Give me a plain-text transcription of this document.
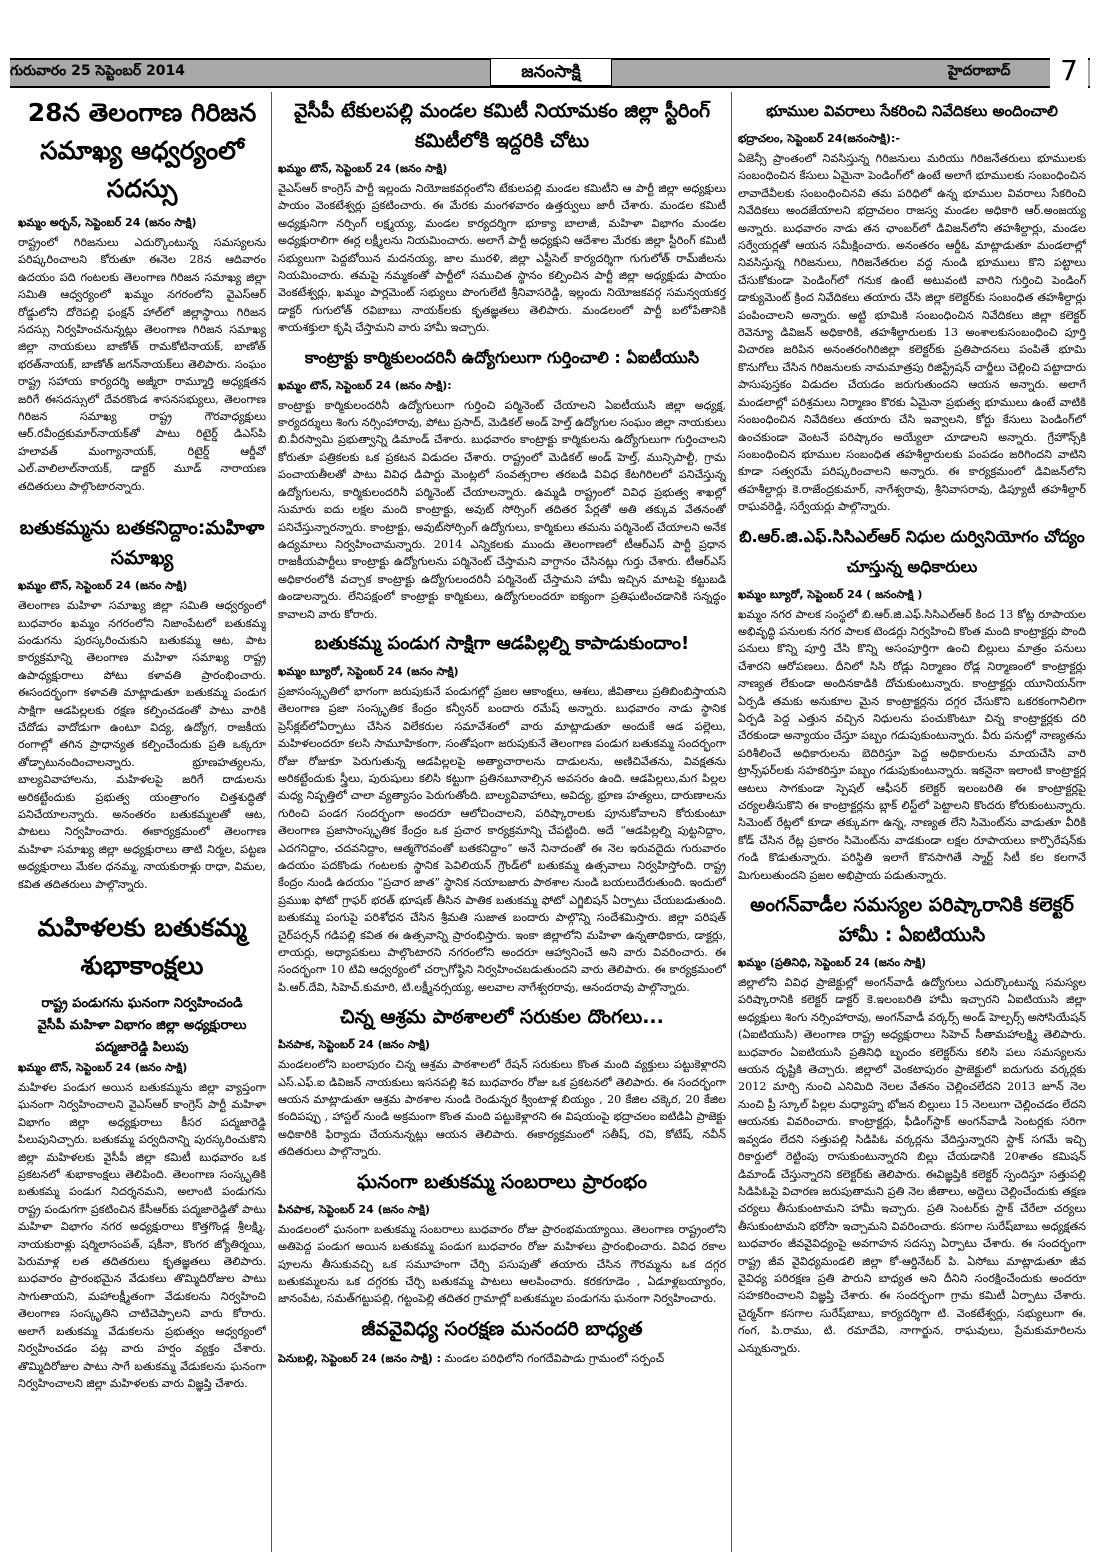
గురువారం 25 సెప్టెంబర్ 2014	జనంసాక్షి	హైదరాబాద్	7
28న తెలంగాణ గిరిజన సమాఖ్య ఆధ్వర్యంలో సదస్సు
ఖమ్మం అర్బన్, సెప్టెంబర్ 24 (జనం సాక్షి)

రాష్ట్రంలో గిరిజనులు ఎదుర్కొంటున్న సమస్యలను పరిష్కరించాలని కోరుతూ ఈనెల 28న ఆదివారం ఉదయం పది గంటలకు తెలంగాణ గిరిజన సమాఖ్య జిల్లా సమితి ఆధ్వర్యంలో ఖమ్మం నగరంలోని వైఎస్ఆర్ రోడ్డులోని దోరెపల్లి ఫంక్షన్ హాల్‌లో జిల్లాస్థాయి గిరిజన సదస్సు నిర్వహించనున్నట్లు తెలంగాణ గిరిజన సమాఖ్య జిల్లా నాయకులు బాణోత్ రామకోటినాయక్, బాణోత్ భరత్‌నాయక్, బాణోత్ జగన్‌నాయక్‌లు తెలిపారు. సంఘం రాష్ట్ర సహాయ కార్యదర్శి అజ్మీరా రామ్మూర్తి అధ్యక్షతన జరిగే ఈసదస్సులో దేవరకొండ శాసనసభ్యులు, తెలంగాణ గిరిజన సమాఖ్య రాష్ట్ర గౌరవాధ్యక్షులు ఆర్.రవీంద్రకుమార్‌నాయక్‌తో పాటు రిటైర్డ్ డిఎస్‌పి హలావత్ మంగ్యానాయక్, రిటైర్డ్ ఆర్డీవో ఎల్.వాలిలాల్‌నాయక్, డాక్టర్ మూడ్ నారాయణ తదితరులు పాల్గొంటారన్నారు.

బతుకమ్మను బతకనిద్దాం:మహిళా సమాఖ్య
ఖమ్మం టౌన్, సెప్టెంబర్ 24 (జనం సాక్షి)

తెలంగాణ మహిళా సమాఖ్య జిల్లా సమితి ఆధ్వర్యంలో బుధవారం ఖమ్మం నగరంలోని నిజాంపేటలో బతుకమ్మ పండుగను పురస్కరించుకుని బతుకమ్మ ఆట, పాట కార్యక్రమాన్ని తెలంగాణ మహిళా సమాఖ్య రాష్ట్ర ఉపాధ్యక్షురాలు పోటు కళావతి ప్రారంభించారు. ఈసందర్భంగా కళావతి మాట్లాడుతూ బతుకమ్మ పండుగ సాక్షిగా ఆడపిల్లలకు రక్షణ కల్పించడంతో పాటు వారికి చేదోడు వాదోడుగా ఉంటూ విద్య, ఉద్యోగ, రాజకీయ రంగాల్లో తగిన ప్రాధాన్యత కల్పించేందుకు ప్రతి ఒక్కరూ తోడ్పాటునందించాలన్నారు. భ్రూణహత్యలను, బాల్యవివాహాలను, మహిళలపై జరిగే దాడులను అరికట్టేందుకు ప్రభుత్వ యంత్రాంగం చిత్తశుద్ధితో పనిచేయాలన్నారు. అనంతరం బతుకమ్మలతో ఆట, పాటలు నిర్వహించారు. ఈకార్యక్రమంలో తెలంగాణ మహిళా సమాఖ్య జిల్లా అధ్యక్షురాలు తాటి నిర్మల, పట్టణ అధ్యక్షురాలు మేకల ధనమ్మ, నాయకురాళ్లు రాధా, విమల, కవిత తదితరులు పాల్గొన్నారు.

మహిళలకు బతుకమ్మ శుభాకాంక్షలు

రాష్ట్ర పండుగను ఘనంగా నిర్వహించండి

వైసీపీ మహిళా విభాగం జిల్లా అధ్యక్షురాలు

పద్మజారెడ్డి పిలుపు

ఖమ్మం టౌన్, సెప్టెంబర్ 24 (జనం సాక్షి)

మహిళల పండుగ అయిన బతుకమ్మను జిల్లా వ్యాప్తంగా ఘనంగా నిర్వహించాలని వైఎస్ఆర్ కాంగ్రెస్ పార్టీ మహిళా విభాగం జిల్లా అధ్యక్షురాలు కీసర పద్మజారెడ్డి పిలుపునిచ్చారు. బతుకమ్మ పర్వదినాన్ని పురస్కరించుకొని జిల్లా మహిళలకు వైసీపీ జిల్లా కమిటీ బుధవారం ఒక ప్రకటనలో శుభాకాంక్షలు తెలిపింది. తెలంగాణ సంస్కృతికి బతుకమ్మ పండుగ నిదర్శనమని, అలాంటి పండుగను రాష్ట్ర పండుగగా ప్రకటించిన కేసీఆర్‌కు పద్మజారెడ్డితో పాటు మహిళా విభాగం నగర అధ్యక్షురాలు కొత్తగొండ్ల శ్రీలక్ష్మి, నాయకురాళ్లు షర్మిలాసంపత్, షకీనా, కొంగర జ్యోతిర్మయి, పెరుమాళ్ల లత తదితరులు కృతజ్ఞతలు తెలిపారు. బుధవారం ప్రారంభమైన వేడుకలు తొమ్మిదిరోజుల పాటు సాగుతాయని, మహాలక్ష్మీతంగా వేడుకలను నిర్వహించి తెలంగాణ సంస్కృతిని చాటిచెప్పాలని వారు కోరారు. అలాగే బతుకమ్మ వేడుకలను ప్రభుత్వం ఆధ్వర్యంలో నిర్వహించడం పట్ల వారు హర్షం వ్యక్తం చేశారు. తొమ్మిదిరోజుల పాటు సాగే బతుకమ్మ వేడుకలను ఘనంగా నిర్వహించాలని జిల్లా మహిళలకు వారు విజ్ఞప్తి చేశారు.

వైసీపీ టేకులపల్లి మండల కమిటీ నియామకం జిల్లా స్టీరింగ్ కమిటీలోకి ఇద్దరికి చోటు
ఖమ్మం టౌన్, సెప్టెంబర్ 24 (జనం సాక్షి)

వైఎస్ఆర్ కాంగ్రెస్ పార్టీ ఇల్లందు నియోజకవర్గంలోని టేకులపల్లి మండల కమిటీని ఆ పార్టీ జిల్లా అధ్యక్షులు పాయం వెంకటేశ్వర్లు ప్రకటించారు. ఈ మేరకు మంగళవారం ఉత్తర్వులు జారీ చేశారు. మండల కమిటీ అధ్యక్షునిగా నర్సింగ్ లక్ష్మయ్య, మండల కార్యదర్శిగా భూక్యా బాలాజీ, మహిళా విభాగం మండల అధ్యక్షురాలిగా ఈర్ల లక్ష్మీలను నియమించారు. అలాగే పార్టీ అధ్యక్షుని ఆదేశాల మేరకు జిల్లా స్టీరింగ్ కమిటీ సభ్యులుగా పెద్దబోయిన మదనయ్య, జాల మురళి, జిల్లా ఎస్టీసెల్ కార్యదర్శిగా గుగులోత్ రామ్‌జీలను నియమించారు. తమపై నమ్మకంతో పార్టీలో సముచిత స్థానం కల్పించిన పార్టీ జిల్లా అధ్యక్షుడు పాయం వెంకటేశ్వర్లు, ఖమ్మం పార్లమెంట్ సభ్యులు పొంగులేటి శ్రీనివాసరెడ్డి, ఇల్లందు నియోజకవర్గ సమన్వయకర్త డాక్టర్ గుగులోత్ రవిబాబు నాయక్‌లకు కృతజ్ఞతలు తెలిపారు. మండలంలో పార్టీ బలోపేతానికి శాయశక్తులా కృషి చేస్తామని వారు హామీ ఇచ్చారు.

కాంట్రాక్టు కార్మికులందరినీ ఉద్యోగులుగా గుర్తించాలి : ఏఐటీయుసి
ఖమ్మం టౌన్, సెప్టెంబర్ 24 (జనం సాక్షి):

కాంట్రాక్టు కార్మికులందరినీ ఉద్యోగులుగా గుర్తించి పర్మినెంట్ చేయాలని ఏఐటీయుసి జిల్లా అధ్యక్ష, కార్యదర్శులు శింగు నర్సింహారావు, పోటు ప్రసాద్, మెడికల్ అండ్ హెల్త్ ఉద్యోగుల సంఘం జిల్లా నాయకులు బి.వీరస్వామి ప్రభుత్వాన్ని డిమాండ్ చేశారు. బుధవారం కాంట్రాక్టు కార్మికులను ఉద్యోగులుగా గుర్తించాలని కోరుతూ పత్రికలకు ఒక ప్రకటన విడుదల చేశారు. రాష్ట్రంలో మెడికల్ అండ్ హెల్త్, మున్సిపాల్టీ, గ్రామ పంచాయతీలతో పాటు వివిధ డిపార్టు మెంట్లలో సంవత్సరాల తరబడి వివిధ కేటగిరిలలో పనిచేస్తున్న ఉద్యోగులను, కార్మికులందరినీ పర్మినెంట్ చేయాలన్నారు. ఉమ్మడి రాష్ట్రంలో వివిధ ప్రభుత్వ శాఖల్లో సుమారు ఐదు లక్షల మంది కాంట్రాక్టు, అవుట్ సోర్సింగ్ తదితర పేర్లతో అతి తక్కువ వేతనంతో పనిచేస్తున్నారన్నారు. కాంట్రాక్టు, అవుట్‌సోర్సింగ్ ఉద్యోగులు, కార్మికులు తమను పర్మినెంట్ చేయాలని అనేక ఉద్యమాలు నిర్వహించామన్నారు. 2014 ఎన్నికలకు ముందు తెలంగాణలో టీఆర్ఎస్ పార్టీ ప్రధాన రాజకీయపార్టీలు కాంట్రాక్టు ఉద్యోగులను పర్మినెంట్ చేస్తామని వాగ్దానం చేసినట్లు గుర్తు చేశారు. టీఆర్ఎస్ అధికారంలోకి వచ్చాక కాంట్రాక్టు ఉద్యోగులందరినీ పర్మినెంట్ చేస్తామని హామీ ఇచ్చిన మాటపై కట్టుబడి ఉండాలన్నారు. లేనిపక్షంలో కాంట్రాక్టు కార్మికులు, ఉద్యోగులందరూ ఐక్యంగా ప్రతిఘటించడానికి సన్నద్ధం కావాలని వారు కోరారు.

బతుకమ్మ పండుగ సాక్షిగా ఆడపిల్లల్ని కాపాడుకుందాం!
ఖమ్మం బ్యూరో, సెప్టెంబర్ 24 (జనం సాక్షి)

ప్రజాసంస్కృతిలో భాగంగా జరుపుకునే పండుగల్లో ప్రజల ఆకాంక్షలు, ఆశలు, జీవితాలు ప్రతిబింబిస్తాయని తెలంగాణ ప్రజా సంస్కృతిక కేంద్రం కన్వీనర్ బందారు రమేష్ అన్నారు. బుధవారం నాడు స్థానిక ప్రెస్‌క్లబ్‌లోఏర్పాటు చేసిన విలేకరుల సమావేశంలో వారు మాట్లాడుతూ అందుకే ఆడ పల్లెలు, మహిళలందరూ కలసి సామూహికంగా, సంతోషంగా జరుపుకునే తెలంగాణ పండుగ బతుకమ్మ సందర్భంగా రోజు రోజుకూ పెరుగుతున్న ఆడపిల్లలపై అత్యాచారాలను దాడులను, అణిచివేతను, వివక్షతను అరికట్టేందుకు స్త్రీలు, పురుషులు కలిసి కట్టుగా ప్రతినబూనాల్సిన అవసరం ఉంది. ఆడపిల్లలు,మగ పిల్లల మధ్య నిష్పత్తిలో చాలా వ్యత్యాసం పెరుగుతోంది. బాల్యవివాహాలు, అవిద్య, భ్రూణ హత్యలు, దారుణాలను గురించి పండగ సందర్భంగా అందరూ ఆలోచించాలని, పరిష్కారాలకు పూనుకోవాలని కోరుకుంటూ తెలంగాణ ప్రజాసాంస్కృతిక కేంద్రం ఒక ప్రచార కార్యక్రమాన్ని చేపట్టింది. అదే “ఆడపిల్లల్ని పుట్టనిద్దాం, ఎదగనిద్దాం, చదవనిద్దాం, ఆత్మగౌరవంతో బతకనిద్దాం” అనే నినాదంతో ఈ నెల ఇరువదైదు గురువారం ఉదయం పదకొండు గంటలకు స్థానిక పెవిలియన్ గ్రౌండ్‌లో బతుకమ్మ ఉత్సవాలు నిర్వహిస్తోంది. రాష్ట్ర కేంద్రం నుండి ఉదయం “ప్రచార జాత” స్థానిక నయాబజారు పాఠశాల నుండి బయలుదేరుతుంది. ఇందులో ప్రముఖ ఫోటో గ్రాఫర్ భరత్ భూషణ్ తీసిన పాతిక బతుకమ్మ ఫోటో ఎగ్జిబిషన్ ఏర్పాటు చేయబడుతుంది. బతుకమ్మ పంగుపై పరిశోధన చేసిన శ్రీమతి సుజాత బందారు పాల్గొన్ని సందేశమిస్తారు. జిల్లా పరిషత్ చైర్‌పర్సన్ గడిపల్లి కవిత ఈ ఉత్సవాన్ని ప్రారంభిస్తారు. ఇంకా జిల్లాలోని మహిళా ఉన్నతాధికారు, డాక్టర్లు, లాయర్లు, అధ్యాపకులు పాల్గొంటారని నగరంలోని అందరూ ఆహ్వానించే అని వారు వివరించారు. ఈ సందర్భంగా 10 టివి ఆధ్వర్యంలో చర్చాగోష్ఠిని నిర్వహించబడుతుందని వారు తెలిపారు. ఈ కార్యక్రమంలో పి.ఆర్.దేవి, సిహెచ్.కుమారి, టి.లక్ష్మీనర్సయ్య, అలవాల నాగేశ్వరరావు, ఆనందరావు పాల్గొన్నారు.

చిన్న ఆశ్రమ పాఠశాలలో సరుకుల దొంగలు...
పినపాక, సెప్టెంబర్ 24 (జనం సాక్షి)

మండలంలోని బంలాపురం చిన్న ఆశ్రమ పాఠశాలలో రేషన్ సరుకులు కొంత మంది వ్యక్తులు పట్టుకెళ్లారని ఎస్.ఎఫ్.ఐ డివిజన్ నాయకులు ఇసనపల్లి శివ బుధవారం రోజు ఒక ప్రకటనలో తెలిపారు. ఈ సందర్భంగా ఆయన మాట్లాడుతూ ఆశ్రమ పాఠశాల నుండి రెండున్నర క్వింటాళ్ల బియ్యం , 20 కేజిల చక్కెర, 20 కేజిల కందిపప్పు , హాస్టల్ నుండి అక్రమంగా కొంత మంది పట్టుకెళ్లారని ఈ విషయంపై భద్రాచలం ఐటిడిఏ ప్రాజెక్టు అధికారికి ఫిర్యాదు చేయనున్నట్లు ఆయన తెలిపారు. ఈకార్యక్రమంలో సతీష్, రవి, కోటేష్, నవీన్ తదితరులు పాల్గొన్నారు.

ఘనంగా బతుకమ్మ సంబరాలు ప్రారంభం
పినపాక, సెప్టెంబర్ 24 (జనం సాక్షి)

మండలంలో ఘనంగా బతుకమ్మ సంబరాలు బుధవారం రోజు ప్రారంభమయ్యాయి. తెలంగాణ రాష్ట్రంలోని అతిపెద్ద పండుగ అయిన బతుకమ్మ పండుగ బుధవారం రోజు మహిళలు ప్రారంభించారు. వివిధ రకాల పూలను తీసుకువచ్చి ఒక సమూహంగా చేర్చి పసుపుతో తయారు చేసిన గౌరమ్మను ఒక దగ్గర బతుకమ్మలను ఒక దగ్గరకు చేర్చి బతుకమ్మ పాటలు ఆలపించారు. కరకగూడెం , ఏడూళ్లబయ్యారం, జానంపేట, సమత్‌గట్టుపల్లి, గట్టంపెల్లి తదితర గ్రామాల్లో బతుకమ్మల పండుగను ఘనంగా నిర్వహించారు.

జీవవైవిధ్య సంరక్షణ మనందరి బాధ్యత

పెనుబల్లి, సెప్టెంబర్ 24 (జనం సాక్షి) : మండల పరిధిలోని గంగదేవిపాడు గ్రామంలో సర్పంచ్

భూముల వివరాలు సేకరించి నివేదికలు అందించాలి
భద్రాచలం, సెప్టెంబర్ 24(జనంసాక్షి):-

ఏజెన్సీ ప్రాంతంలో నివసిస్తున్న గిరిజనులు మరియు గిరిజనేతరులు భూములకు సంబంధించిన కేసులు ఏమైనా పెండింగ్‌లో ఉంటే అలాగే భూములకు సంబంధించిన లావాదేవీలకు సంబంధించినవి తమ పరిధిలో ఉన్న భూముల వివరాలు సేకరించి నివేదికలు అందజేయాలని భద్రాచలం రాజస్వ మండల అధికారి ఆర్.అంజయ్య అన్నారు. బుధవారం నాడు తన ఛాంబర్‌లో డివిజన్‌లోని తహశీల్దార్లు, మండల సర్వేయర్లతో ఆయన సమీక్షించారు. అనంతరం ఆర్డీఓ మాట్లాడుతూ మండలాల్లో నివసిస్తున్న గిరిజనులు, గిరిజనేతరుల వద్ద నుండి భూములు కొని పట్టాలు చేసుకోకుండా పెండింగ్‌లో గనుక ఉంటే అటువంటి వారిని గుర్తించి పెండింగ్ డాక్యుమెంట్ క్రింద నివేదికలు తయారు చేసి జిల్లా కలెక్టర్‌కు సంబంధిత తహశీల్దార్లు పంపించాలని అన్నారు. అట్టి భూమికి సంబంధించిన నివేదికలు జిల్లా కలెక్టర్ రెవెన్యూ డివిజన్ అధికారికి, తహశీల్దారులకు 13 అంశాలకుసంబంధించి పూర్తి విచారణ జరిపిన అనంతరంగిరిజిల్లా కలెక్టర్‌కు ప్రతిపాదనలు పంపితే భూమి కొనుగోలు చేసిన గిరిజనులకు నామమాత్రపు రిజిస్ట్రేషన్ చార్జీలు చెల్లించి పట్టాదారు పాసుపుస్తకం విడుదల చేయడం జరుగుతుందని ఆయన అన్నారు. అలాగే మండలాల్లో పరిశ్రమలు నిర్మాణం కొరకు ఏమైనా ప్రభుత్వ భూములు ఉంటే వాటికి సంబంధించిన నివేదికలు తయారు చేసి ఇవ్వాలని, కోర్టు కేసులు పెండింగ్‌లో ఉంచకుండా వెంటనే పరిష్కారం అయ్యేలా చూడాలని అన్నారు. గ్రేహౌన్స్‌కి సంబంధించిన భూముల సంబంధిత తహశీల్దారులకు పంపడం జరిగిందని వాటిని కూడా సత్వరమే పరిష్కరించాలని అన్నారు. ఈ కార్యక్రమంలో డివిజన్‌లోని తహశీల్దార్లు కె.రాజేంద్రకుమార్, నాగేశ్వరావు, శ్రీనివాసరావు, డిప్యూటీ తహశీల్దార్ రాఘవరెడ్డి, సర్వేయర్లు పాల్గొన్నారు.

బి.ఆర్.జి.ఎఫ్.సిసిఎల్ఆర్ నిధుల దుర్వినియోగం చోద్యం చూస్తున్న అధికారులు
ఖమ్మం బ్యూరో, సెప్టెంబర్ 24 ( జనంసాక్షి )

ఖమ్మం నగర పాలక సంస్థలో బి.ఆర్.జి.ఎఫ్.సిసిఎల్ఆర్ కింద 13 కోట్ల రూపాయల అభివృద్ధి పనులకు నగర పాలక టెండర్లు నిర్వహించి కొంత మంది కాంట్రాక్టర్లు పొంది పనులు కొన్ని పూర్తి చేసి కొన్ని అసంపూర్తిగా ఉంచి బిల్లులు మాత్రం పనులు చేశారని ఆరోపణలు. దీనిలో సిసి రోడ్లు నిర్మాణం రోడ్ల నిర్మాణంలో కాంట్రాక్టర్లు నాణ్యత లేకుండా అందినకాడికి దోచుకుంటున్నారు. కాంట్రాక్టర్లు యూనియన్‌గా ఏర్పడి తమకు అనుకూల మైన కాంట్రాక్టర్లను దగ్గర చేసుకొని ఒకరకంగానిలిగా ఏర్పడి పెద్ద ఎత్తున వచ్చిన నిధులను పంచుకొంటూ చిన్న కాంట్రాక్టర్లకు దరి చేరకుండా అన్యాయం చేస్తూ పబ్బం గడుపుకుంటున్నారు. వీరు పనుల్లో నాణ్యతను పరిశీలించే అధికారులను బెదిరిస్తూ పెద్ద అధికారులను మాయచేసి వారి ట్రాన్స్‌ఫర్‌లకు సహకరిస్తూ పబ్బం గడుపుకుంటున్నారు. ఇకనైనా ఇలాంటి కాంట్రాక్టర్ల ఆటలు సాగకుండా స్పెషల్ ఆఫీసర్ కలెక్టర్ ఇలంబరితి ఈ కాంట్రాక్టర్లపై చర్యలతీసుకొని ఈ కాంట్రాక్టర్లను బ్లాక్ లిస్ట్‌లో పెట్టాలని కొందరు కోరుకుంటున్నారు. సిమెంట్ రేట్లలో కూడా తక్కువగా ఉన్న, నాణ్యత లేని సిమెంట్‌ను వాడుతూ వీరికి కోడ్ చేసిన రేట్ల ప్రకారం సిమెంట్‌ను వాడకుండా లక్షల రూపాయలు కార్పొరేషన్‌కు గండి కొడుతున్నారు. పరిస్థితి ఇలాగే కొనసాగితే స్మార్ట్ సిటీ కల కలగానే మిగులుతుందని ప్రజల అభిప్రాయ పడుతున్నారు.

అంగన్‌వాడీల సమస్యల పరిష్కారానికి కలెక్టర్ హామీ : ఏఐటియుసి
ఖమ్మం (ప్రతినిధి, సెప్టెంబర్ 24 (జనం సాక్షి)

జిల్లాలోని వివిధ ప్రాజెక్టుల్లో అంగన్‌వాడీ ఉద్యోగులు ఎదుర్కొంటున్న సమస్యల పరిష్కారానికి కలెక్టర్ డాక్టర్ కె.ఇలంబరితి హామీ ఇచ్చారని ఏఐటియుసి జిల్లా అధ్యక్షులు శింగు నర్సింహారావు, అంగన్‌వాడీ వర్కర్స్ అండ్ హెల్పర్స్ అసోసియేషన్ (ఏఐటియుసి) తెలంగాణ రాష్ట్ర అధ్యక్షురాలు సిహెచ్ సీతామహాలక్ష్మి తెలిపారు. బుధవారం ఏఐటియుసి ప్రతినిధి బృందం కలెక్టర్‌ను కలిసి పలు సమస్యలను ఆయన దృష్టికి తెచ్చారు. జిల్లాలో వెంకటాపురం ప్రాజెక్టులో ఐదుగురు వర్కర్లకు 2012 మార్చి నుంచి ఎనిమిది నెలల వేతనం చెల్లించలేదని 2013 జూన్ నెల నుంచి ప్రీ స్కూల్ పిల్లల మధ్యాహ్న భోజన బిల్లులు 15 నెలలుగా చెల్లించడం లేదని ఆయనకు వివరించారు. కాంట్రాక్టర్లు, ఫీడింగ్‌స్టాక్ అంగన్‌వాడీ సెంటర్లకు సరిగా ఇవ్వడం లేదని సత్తుపల్లి సిడిపిఓ వర్కర్లను వేదిస్తున్నారని స్టాక్ సగమే ఇచ్చి రికార్డులో రెట్టింపు రాసుకుంటున్నారని బిల్లు చేయడానికి 20శాతం కమిషన్ డిమాండ్ చేస్తున్నారని కలెక్టర్‌కు తెలిపారు. ఈవిజ్ఞప్తికి కలెక్టర్ స్పందిస్తూ సత్తుపల్లి సిడిపిఓపై విచారణ జరుపుతామని ప్రతి నెల జీతాలు, అద్దెలు చెల్లించేందుకు తక్షణ చర్యలు తీసుకుంటామని హామీ ఇచ్చారు. ప్రతి సెంటర్‌కు స్టాక్ చేరేలా చర్యలు తీసుకుంటామని భరోసా ఇచ్చామని వివరించారు. కసగాల సురేష్‌బాబు అధ్యక్షతన బుధవారం జీవవైవిధ్యంపై అవగాహన సదస్సు ఏర్పాటు చేశారు. ఈ సందర్భంగా రాష్ట్ర జీవ వైవిధ్యమండలి జిల్లా కో-ఆర్డినేటర్ పి. ఏసోబు మాట్లాడుతూ జీవ వైవిధ్య పరిరక్షణ ప్రతి పౌరుని బాధ్యత అని దీనిని సంరక్షించేందుకు అందరూ సహకరించాలని విజ్ఞప్తి చేశారు. ఈ సందర్భంగా గ్రామ కమిటీ ఏర్పాటు చేశారు. చైర్మన్‌గా కసగాల సురేష్‌బాబు, కార్యదర్శిగా టి. వెంకటేశ్వర్లు, సభ్యులుగా ఈ. గంగ, పి.రాము, టి. రమాదేవి, నాగార్జున, రాఘవులు, ప్రేమకుమారిలను ఎన్నుకున్నారు.
